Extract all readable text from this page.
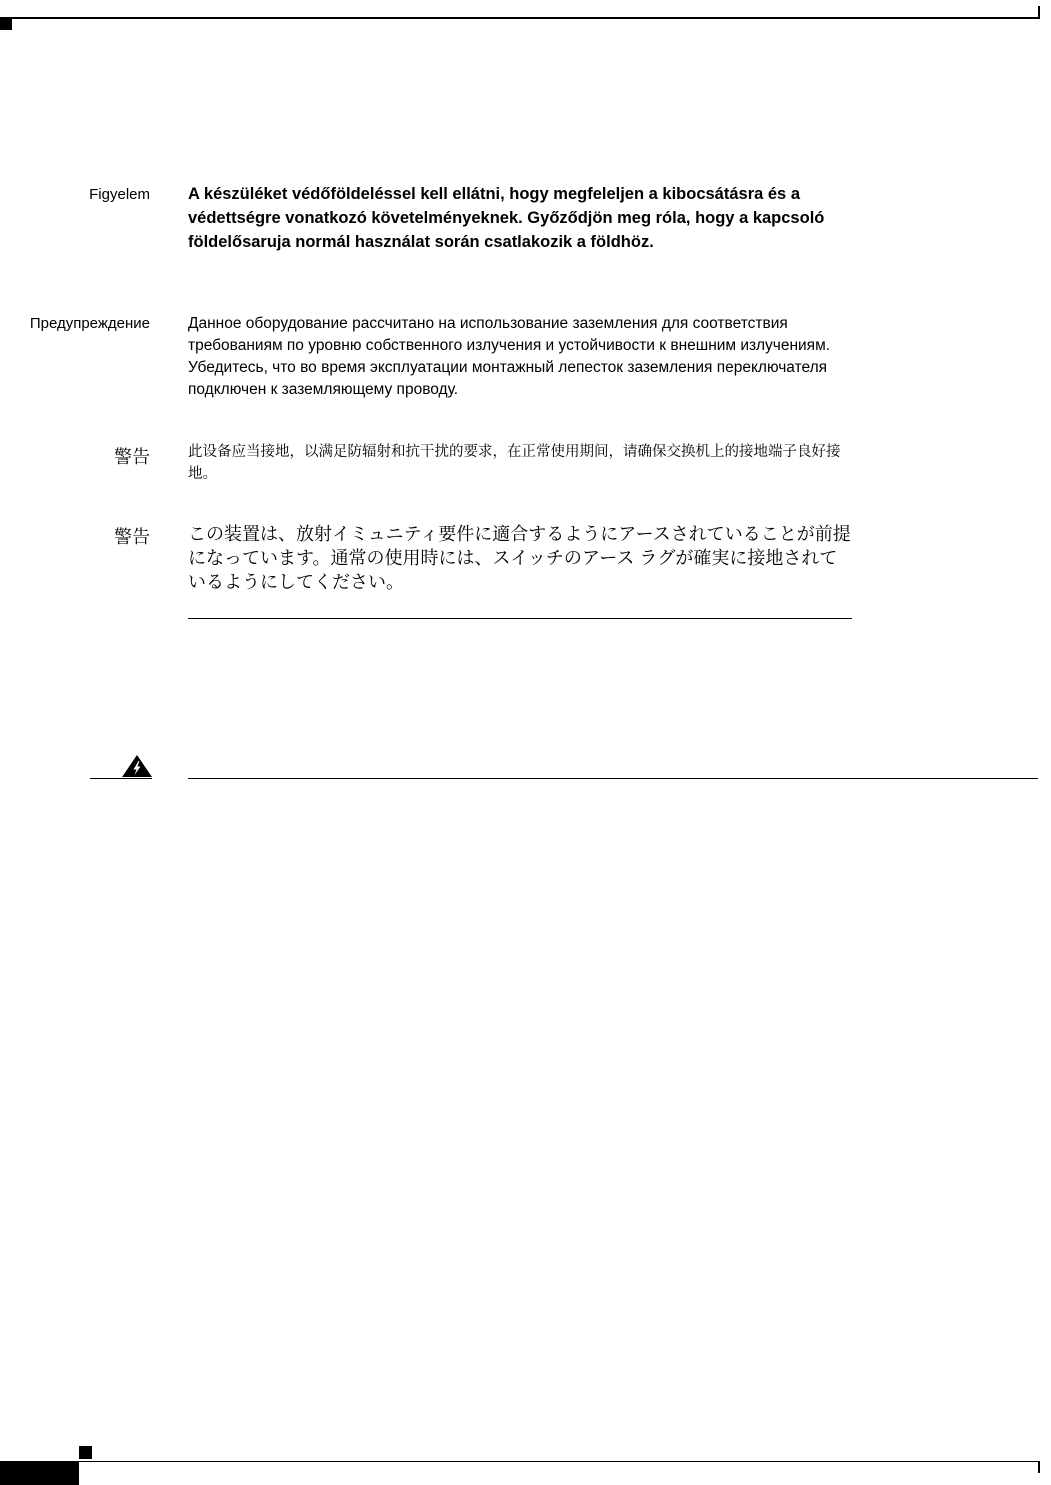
Figyelem A készüléket védőföldeléssel kell ellátni, hogy megfeleljen a kibocsátásra és a védettségre vonatkozó követelményeknek. Győződjön meg róla, hogy a kapcsoló földelősaruja normál használat során csatlakozik a földhöz.

Предупреждение Данное оборудование рассчитано на использование заземления для соответствия требованиям по уровню собственного излучения и устойчивости к внешним излучениям. Убедитесь, что во время эксплуатации монтажный лепесток заземления переключателя подключен к заземляющему проводу.

警告	此设备应当接地，以满足防辐射和抗干扰的要求，在正常使用期间，请确保交换机上的接地端子良好接地。

警告 この装置は、放射イミュニティ要件に適合するようにアースされていることが前提になっています。通常の使用時には、スイッチのアース ラグが確実に接地されているようにしてください。
